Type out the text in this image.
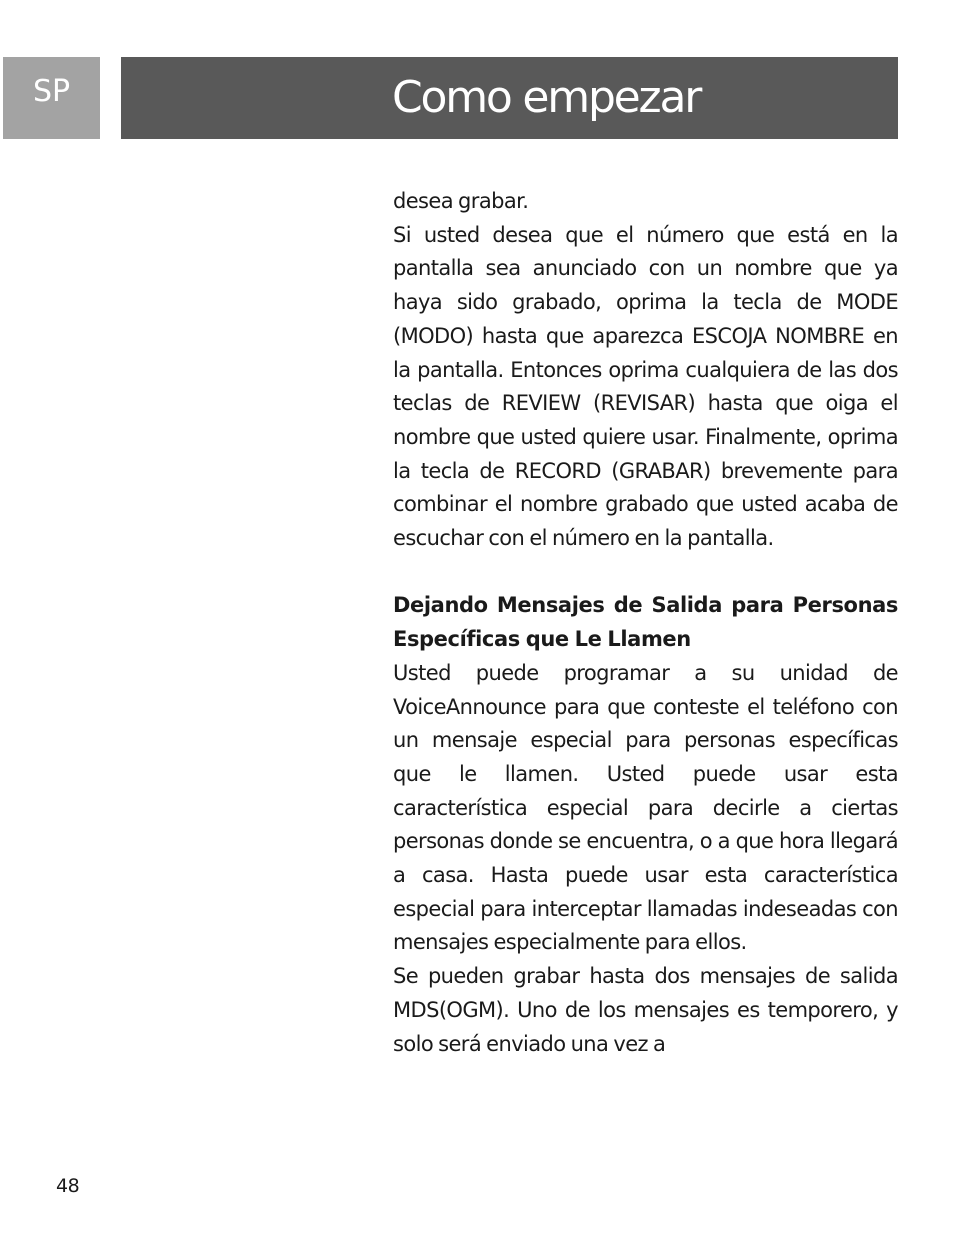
SP	Como empezar

desea grabar.

Si usted desea que el número que está en la pantalla sea anunciado con un nombre que ya haya sido grabado, oprima la tecla de MODE (MODO) hasta que aparezca ESCOJA NOMBRE en la pantalla. Entonces oprima cualquiera de las dos teclas de REVIEW (REVISAR) hasta que oiga el nombre que usted quiere usar. Finalmente, oprima la tecla de RECORD (GRABAR) brevemente para combinar el nombre grabado que usted acaba de escuchar con el número en la pantalla.

Dejando Mensajes de Salida para Personas Específicas que Le Llamen

Usted puede programar a su unidad de VoiceAnnounce para que conteste el teléfono con un mensaje especial para personas específicas que le llamen. Usted puede usar esta característica especial para decirle a ciertas personas donde se encuentra, o a que hora llegará a casa. Hasta puede usar esta característica especial para interceptar llamadas indeseadas con mensajes especialmente para ellos.

Se pueden grabar hasta dos mensajes de salida MDS(OGM). Uno de los mensajes es temporero, y solo será enviado una vez a

48
